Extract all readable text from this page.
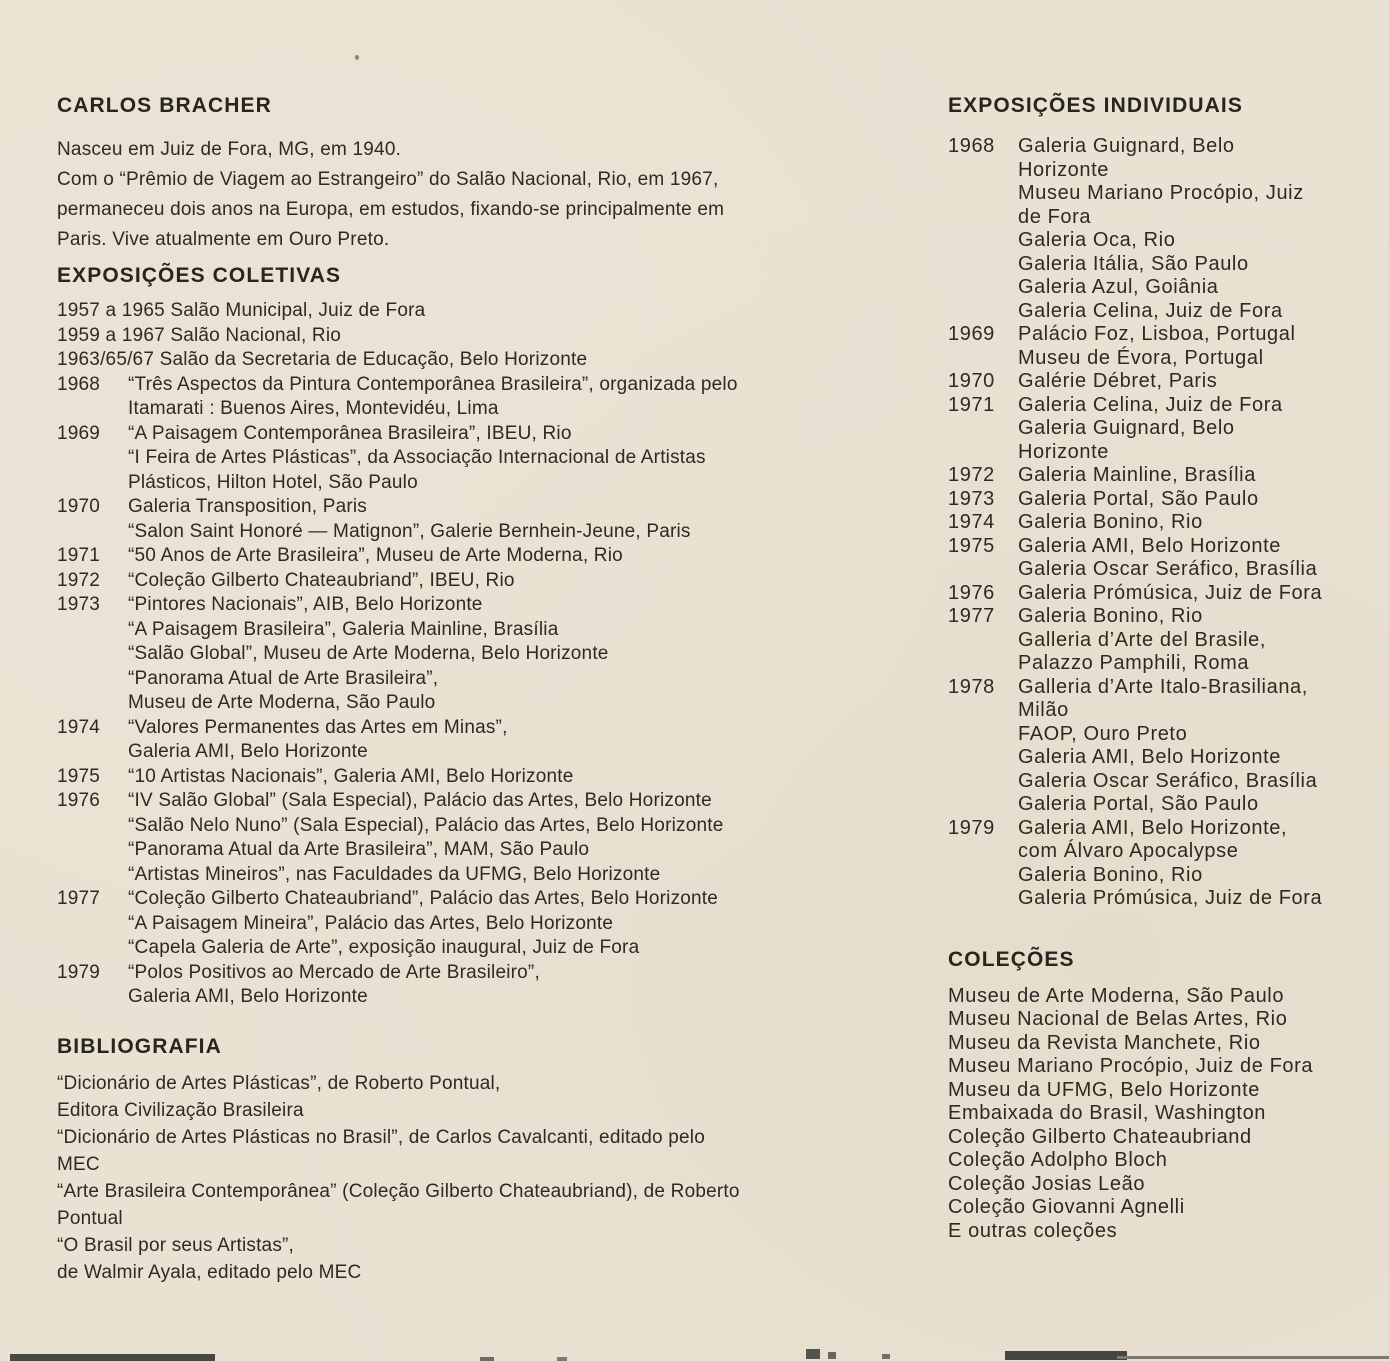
CARLOS BRACHER
Nasceu em Juiz de Fora, MG, em 1940.
Com o “Prêmio de Viagem ao Estrangeiro” do Salão Nacional, Rio, em 1967,
permaneceu dois anos na Europa, em estudos, fixando-se principalmente em
Paris. Vive atualmente em Ouro Preto.
EXPOSIÇÕES COLETIVAS
1957 a 1965 Salão Municipal, Juiz de Fora
1959 a 1967 Salão Nacional, Rio
1963/65/67 Salão da Secretaria de Educação, Belo Horizonte
1968	“Três Aspectos da Pintura Contemporânea Brasileira”, organizada pelo
Itamarati : Buenos Aires, Montevidéu, Lima
1969	“A Paisagem Contemporânea Brasileira”, IBEU, Rio
“I Feira de Artes Plásticas”, da Associação Internacional de Artistas
Plásticos, Hilton Hotel, São Paulo
1970	Galeria Transposition, Paris
“Salon Saint Honoré — Matignon”, Galerie Bernhein-Jeune, Paris
1971	“50 Anos de Arte Brasileira”, Museu de Arte Moderna, Rio
1972	“Coleção Gilberto Chateaubriand”, IBEU, Rio
1973	“Pintores Nacionais”, AIB, Belo Horizonte
“A Paisagem Brasileira”, Galeria Mainline, Brasília
“Salão Global”, Museu de Arte Moderna, Belo Horizonte
“Panorama Atual de Arte Brasileira”,
Museu de Arte Moderna, São Paulo
1974	“Valores Permanentes das Artes em Minas”,
Galeria AMI, Belo Horizonte
1975	“10 Artistas Nacionais”, Galeria AMI, Belo Horizonte
1976	“IV Salão Global” (Sala Especial), Palácio das Artes, Belo Horizonte
“Salão Nelo Nuno” (Sala Especial), Palácio das Artes, Belo Horizonte
“Panorama Atual da Arte Brasileira”, MAM, São Paulo
“Artistas Mineiros”, nas Faculdades da UFMG, Belo Horizonte
1977	“Coleção Gilberto Chateaubriand”, Palácio das Artes, Belo Horizonte
“A Paisagem Mineira”, Palácio das Artes, Belo Horizonte
“Capela Galeria de Arte”, exposição inaugural, Juiz de Fora
1979	“Polos Positivos ao Mercado de Arte Brasileiro”,
Galeria AMI, Belo Horizonte
BIBLIOGRAFIA
“Dicionário de Artes Plásticas”, de Roberto Pontual,
Editora Civilização Brasileira
“Dicionário de Artes Plásticas no Brasil”, de Carlos Cavalcanti, editado pelo
MEC
“Arte Brasileira Contemporânea” (Coleção Gilberto Chateaubriand), de Roberto
Pontual
“O Brasil por seus Artistas”,
de Walmir Ayala, editado pelo MEC
EXPOSIÇÕES INDIVIDUAIS
1968	Galeria Guignard, Belo
Horizonte
Museu Mariano Procópio, Juiz
de Fora
Galeria Oca, Rio
Galeria Itália, São Paulo
Galeria Azul, Goiânia
Galeria Celina, Juiz de Fora
1969	Palácio Foz, Lisboa, Portugal
Museu de Évora, Portugal
1970	Galérie Débret, Paris
1971	Galeria Celina, Juiz de Fora
Galeria Guignard, Belo
Horizonte
1972	Galeria Mainline, Brasília
1973	Galeria Portal, São Paulo
1974	Galeria Bonino, Rio
1975	Galeria AMI, Belo Horizonte
Galeria Oscar Seráfico, Brasília
1976	Galeria Prómúsica, Juiz de Fora
1977	Galeria Bonino, Rio
Galleria d’Arte del Brasile,
Palazzo Pamphili, Roma
1978	Galleria d’Arte Italo-Brasiliana,
Milão
FAOP, Ouro Preto
Galeria AMI, Belo Horizonte
Galeria Oscar Seráfico, Brasília
Galeria Portal, São Paulo
1979	Galeria AMI, Belo Horizonte,
com Álvaro Apocalypse
Galeria Bonino, Rio
Galeria Prómúsica, Juiz de Fora
COLEÇÕES
Museu de Arte Moderna, São Paulo
Museu Nacional de Belas Artes, Rio
Museu da Revista Manchete, Rio
Museu Mariano Procópio, Juiz de Fora
Museu da UFMG, Belo Horizonte
Embaixada do Brasil, Washington
Coleção Gilberto Chateaubriand
Coleção Adolpho Bloch
Coleção Josias Leão
Coleção Giovanni Agnelli
E outras coleções
